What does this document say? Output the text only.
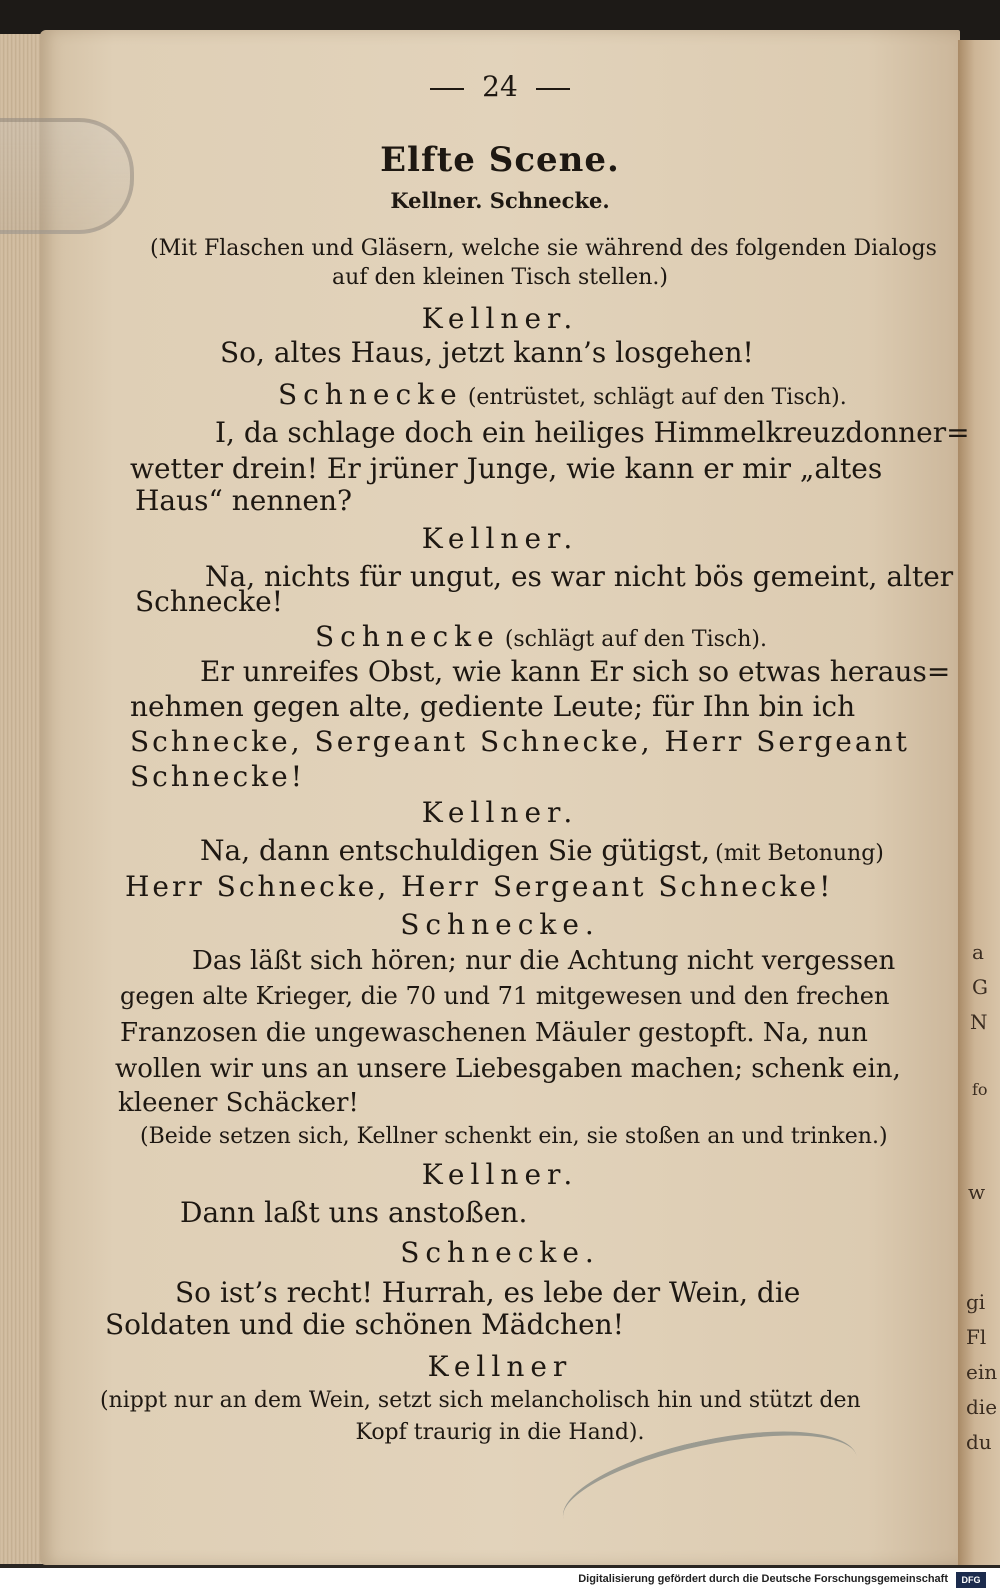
a
G
N
fo
w
gi
Fl
ein
die
du
24
Elfte Scene.
Kellner. Schnecke.
(Mit Flaschen und Gläsern, welche sie während des folgenden Dialogs
auf den kleinen Tisch stellen.)
Kellner.
So, altes Haus, jetzt kann’s losgehen!
Schnecke (entrüstet, schlägt auf den Tisch).
I, da schlage doch ein heiliges Himmelkreuzdonner=
wetter drein! Er jrüner Junge, wie kann er mir „altes
Haus“ nennen?
Kellner.
Na, nichts für ungut, es war nicht bös gemeint, alter
Schnecke!
Schnecke (schlägt auf den Tisch).
Er unreifes Obst, wie kann Er sich so etwas heraus=
nehmen gegen alte, gediente Leute; für Ihn bin ich
Schnecke, Sergeant Schnecke, Herr Sergeant
Schnecke!
Kellner.
Na, dann entschuldigen Sie gütigst, (mit Betonung)
Herr Schnecke, Herr Sergeant Schnecke!
Schnecke.
Das läßt sich hören; nur die Achtung nicht vergessen
gegen alte Krieger, die 70 und 71 mitgewesen und den frechen
Franzosen die ungewaschenen Mäuler gestopft. Na, nun
wollen wir uns an unsere Liebesgaben machen; schenk ein,
kleener Schäcker!
(Beide setzen sich, Kellner schenkt ein, sie stoßen an und trinken.)
Kellner.
Dann laßt uns anstoßen.
Schnecke.
So ist’s recht! Hurrah, es lebe der Wein, die
Soldaten und die schönen Mädchen!
Kellner
(nippt nur an dem Wein, setzt sich melancholisch hin und stützt den
Kopf traurig in die Hand).
Digitalisierung gefördert durch die Deutsche Forschungsgemeinschaft	DFG
